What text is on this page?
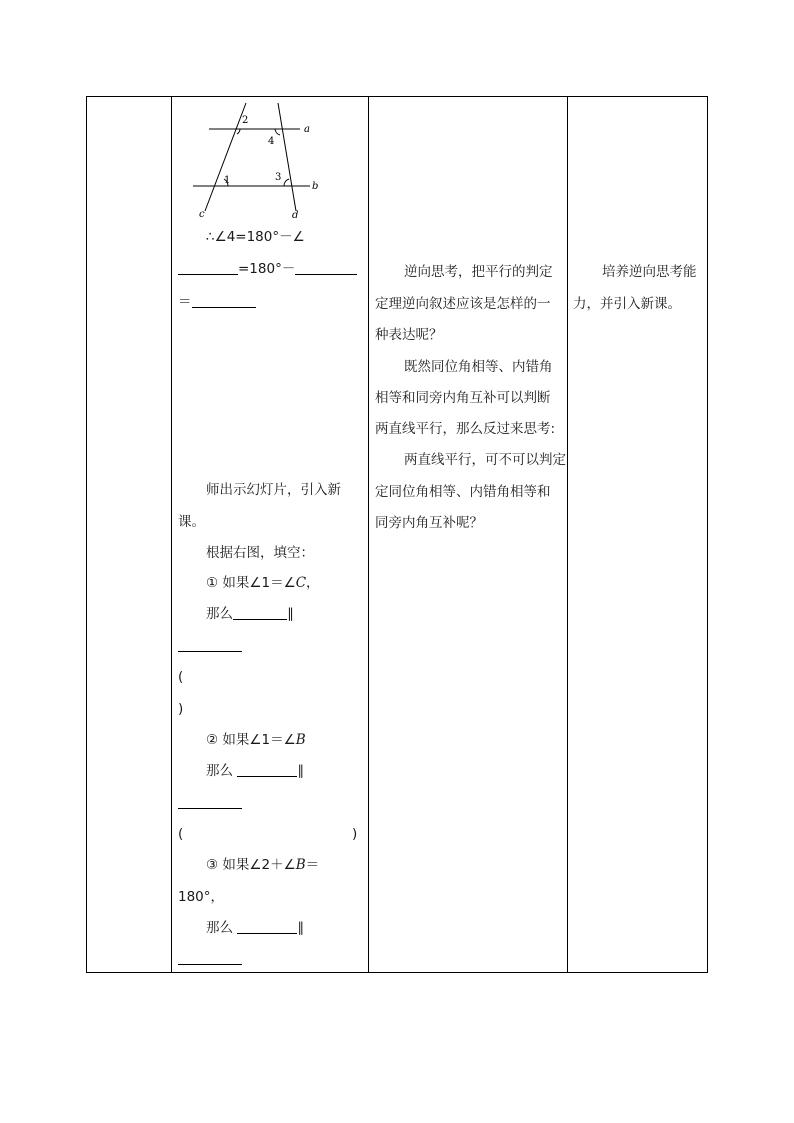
1
2
3
4
a
b
c	d
∴∠4=180°－∠
=180°－
＝
师出示幻灯片，引入新
课。
根据右图，填空：
① 如果∠1＝∠C，
那么	∥
(
)
② 如果∠1＝∠B
那么	∥
(	)
③ 如果∠2＋∠B＝
180°，
那么	∥

逆向思考，把平行的判定
定理逆向叙述应该是怎样的一
种表达呢？
既然同位角相等、内错角
相等和同旁内角互补可以判断
两直线平行，那么反过来思考:
两直线平行，可不可以判定
定同位角相等、内错角相等和
同旁内角互补呢？

培养逆向思考能
力，并引入新课。
